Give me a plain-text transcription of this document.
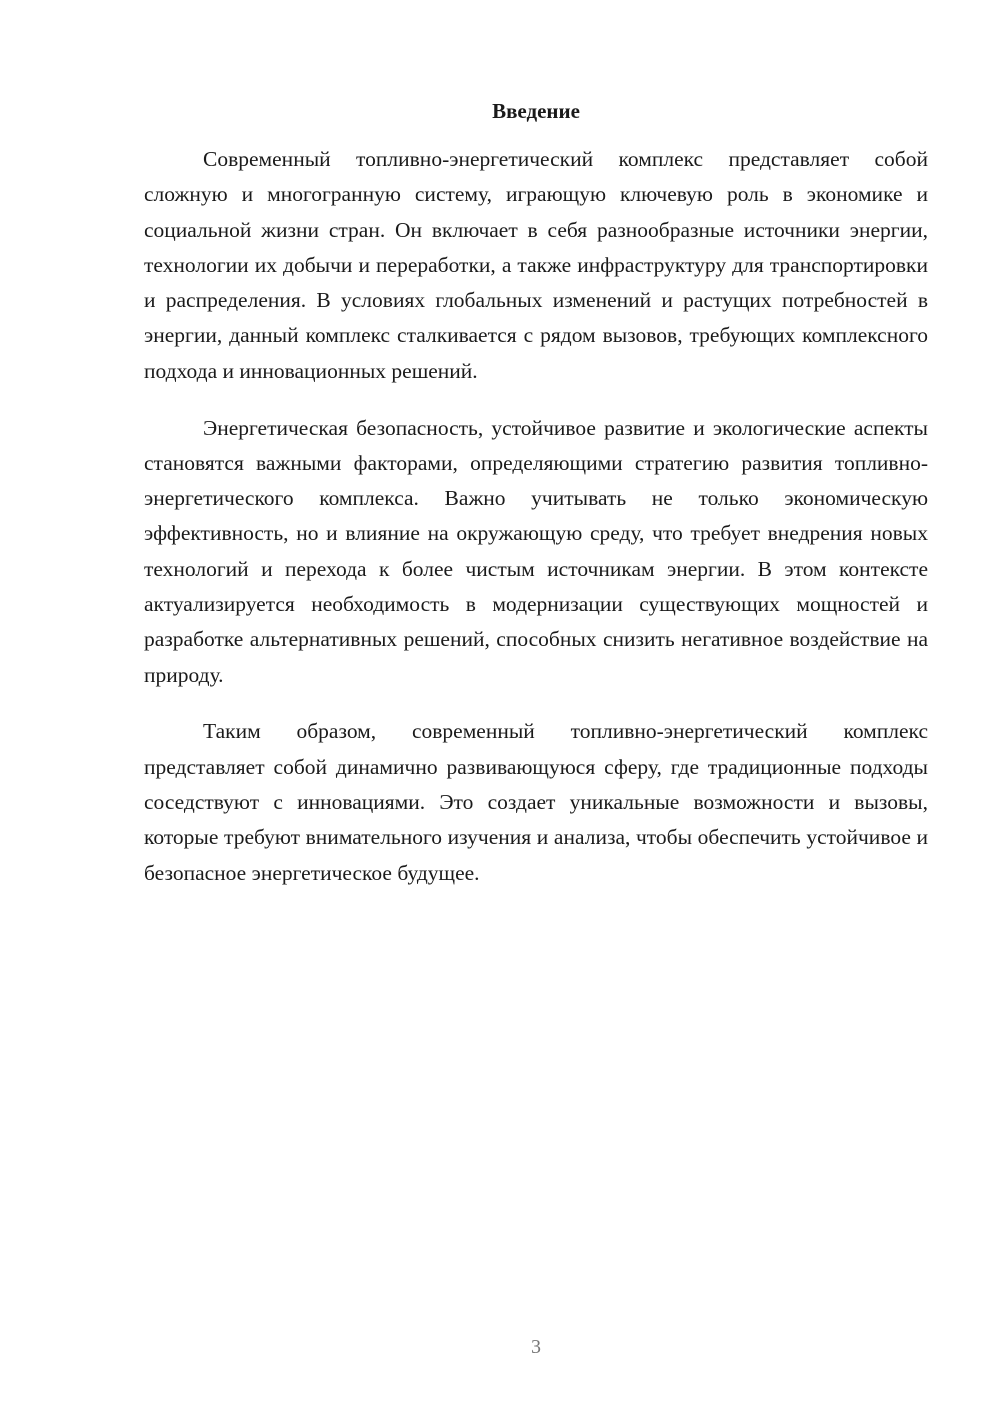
Введение

Современный топливно-энергетический комплекс представляет собой сложную и многогранную систему, играющую ключевую роль в экономике и социальной жизни стран. Он включает в себя разнообразные источники энергии, технологии их добычи и переработки, а также инфраструктуру для транспортировки и распределения. В условиях глобальных изменений и растущих потребностей в энергии, данный комплекс сталкивается с рядом вызовов, требующих комплексного подхода и инновационных решений.

Энергетическая безопасность, устойчивое развитие и экологические аспекты становятся важными факторами, определяющими стратегию развития топливно-энергетического комплекса. Важно учитывать не только экономическую эффективность, но и влияние на окружающую среду, что требует внедрения новых технологий и перехода к более чистым источникам энергии. В этом контексте актуализируется необходимость в модернизации существующих мощностей и разработке альтернативных решений, способных снизить негативное воздействие на природу.

Таким образом, современный топливно-энергетический комплекс представляет собой динамично развивающуюся сферу, где традиционные подходы соседствуют с инновациями. Это создает уникальные возможности и вызовы, которые требуют внимательного изучения и анализа, чтобы обеспечить устойчивое и безопасное энергетическое будущее.

3
